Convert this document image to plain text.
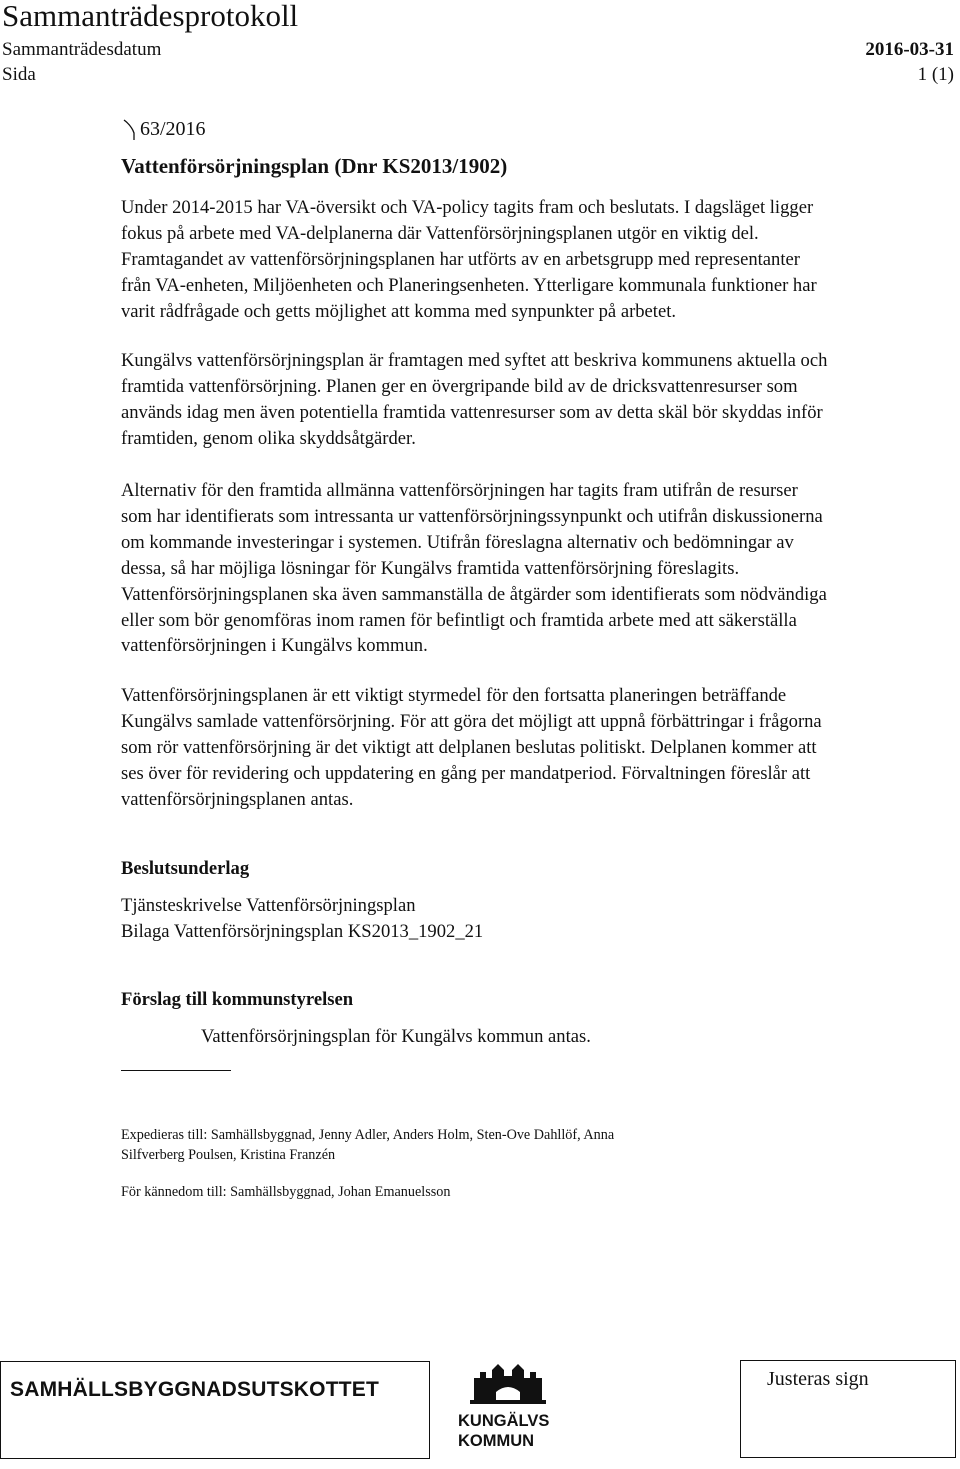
Sammanträdesprotokoll
Sammanträdesdatum	2016-03-31
Sida	1 (1)
63/2016
Vattenförsörjningsplan (Dnr KS2013/1902)

Under 2014-2015 har VA-översikt och VA-policy tagits fram och beslutats. I dagsläget ligger

fokus på arbete med VA-delplanerna där Vattenförsörjningsplanen utgör en viktig del.

Framtagandet av vattenförsörjningsplanen har utförts av en arbetsgrupp med representanter

från VA-enheten, Miljöenheten och Planeringsenheten. Ytterligare kommunala funktioner har

varit rådfrågade och getts möjlighet att komma med synpunkter på arbetet.

Kungälvs vattenförsörjningsplan är framtagen med syftet att beskriva kommunens aktuella och

framtida vattenförsörjning. Planen ger en övergripande bild av de dricksvattenresurser som

används idag men även potentiella framtida vattenresurser som av detta skäl bör skyddas inför

framtiden, genom olika skyddsåtgärder.

Alternativ för den framtida allmänna vattenförsörjningen har tagits fram utifrån de resurser

som har identifierats som intressanta ur vattenförsörjningssynpunkt och utifrån diskussionerna

om kommande investeringar i systemen. Utifrån föreslagna alternativ och bedömningar av

dessa, så har möjliga lösningar för Kungälvs framtida vattenförsörjning föreslagits.

Vattenförsörjningsplanen ska även sammanställa de åtgärder som identifierats som nödvändiga

eller som bör genomföras inom ramen för befintligt och framtida arbete med att säkerställa

vattenförsörjningen i Kungälvs kommun.

Vattenförsörjningsplanen är ett viktigt styrmedel för den fortsatta planeringen beträffande

Kungälvs samlade vattenförsörjning. För att göra det möjligt att uppnå förbättringar i frågorna

som rör vattenförsörjning är det viktigt att delplanen beslutas politiskt. Delplanen kommer att

ses över för revidering och uppdatering en gång per mandatperiod. Förvaltningen föreslår att

vattenförsörjningsplanen antas.

Beslutsunderlag
Tjänsteskrivelse Vattenförsörjningsplan
Bilaga Vattenförsörjningsplan KS2013_1902_21
Förslag till kommunstyrelsen
Vattenförsörjningsplan för Kungälvs kommun antas.
Expedieras till: Samhällsbyggnad, Jenny Adler, Anders Holm, Sten-Ove Dahllöf, Anna
Silfverberg Poulsen, Kristina Franzén
För kännedom till: Samhällsbyggnad, Johan Emanuelsson
SAMHÄLLSBYGGNADSUTSKOTTET
KUNGÄLVS
KOMMUN
Justeras sign
